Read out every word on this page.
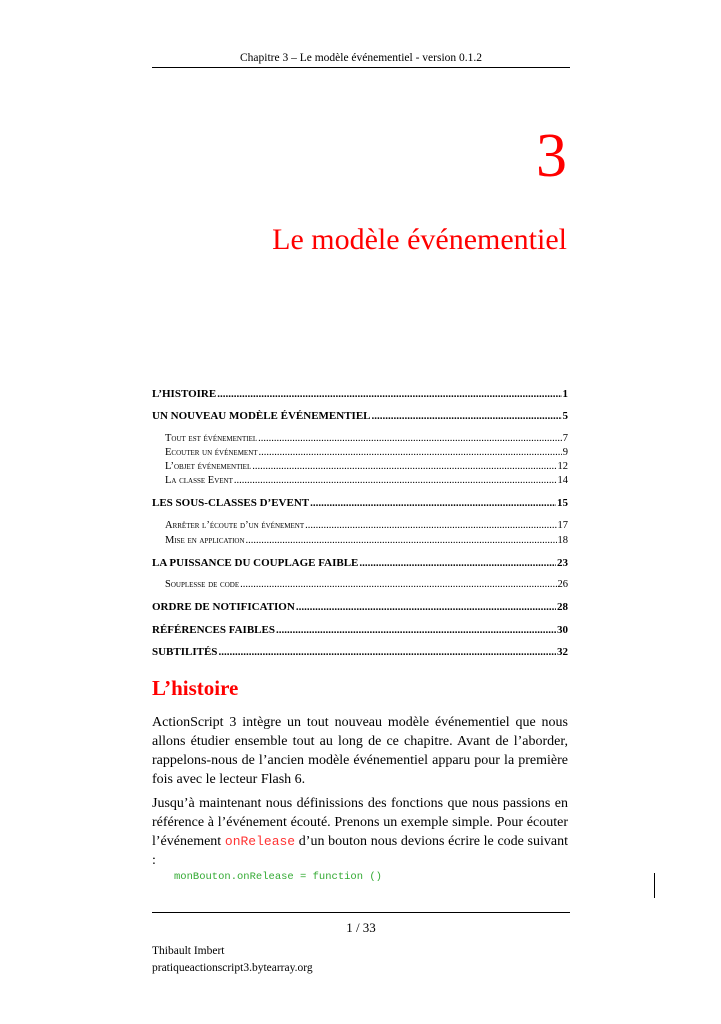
Chapitre 3 – Le modèle événementiel - version 0.1.2
3
Le modèle événementiel
L’HISTOIRE .....	1
UN NOUVEAU MODÈLE ÉVÉNEMENTIEL .....	5
Tout est événementiel .....	7
Ecouter un événement .....	9
L’objet événementiel .....	12
La classe Event .....	14
LES SOUS-CLASSES D’EVENT .....	15
Arrêter l’écoute d’un événement .....	17
Mise en application .....	18
LA PUISSANCE DU COUPLAGE FAIBLE .....	23
Souplesse de code .....	26
ORDRE DE NOTIFICATION .....	28
RÉFÉRENCES FAIBLES .....	30
SUBTILITÉS .....	32
L’histoire

ActionScript 3 intègre un tout nouveau modèle événementiel que nous allons étudier ensemble tout au long de ce chapitre. Avant de l’aborder, rappelons-nous de l’ancien modèle événementiel apparu pour la première fois avec le lecteur Flash 6.

Jusqu’à maintenant nous définissions des fonctions que nous passions en référence à l’événement écouté. Prenons un exemple simple. Pour écouter l’événement onRelease d’un bouton nous devions écrire le code suivant :

monBouton.onRelease = function ()
1 / 33
Thibault Imbert
pratiqueactionscript3.bytearray.org
